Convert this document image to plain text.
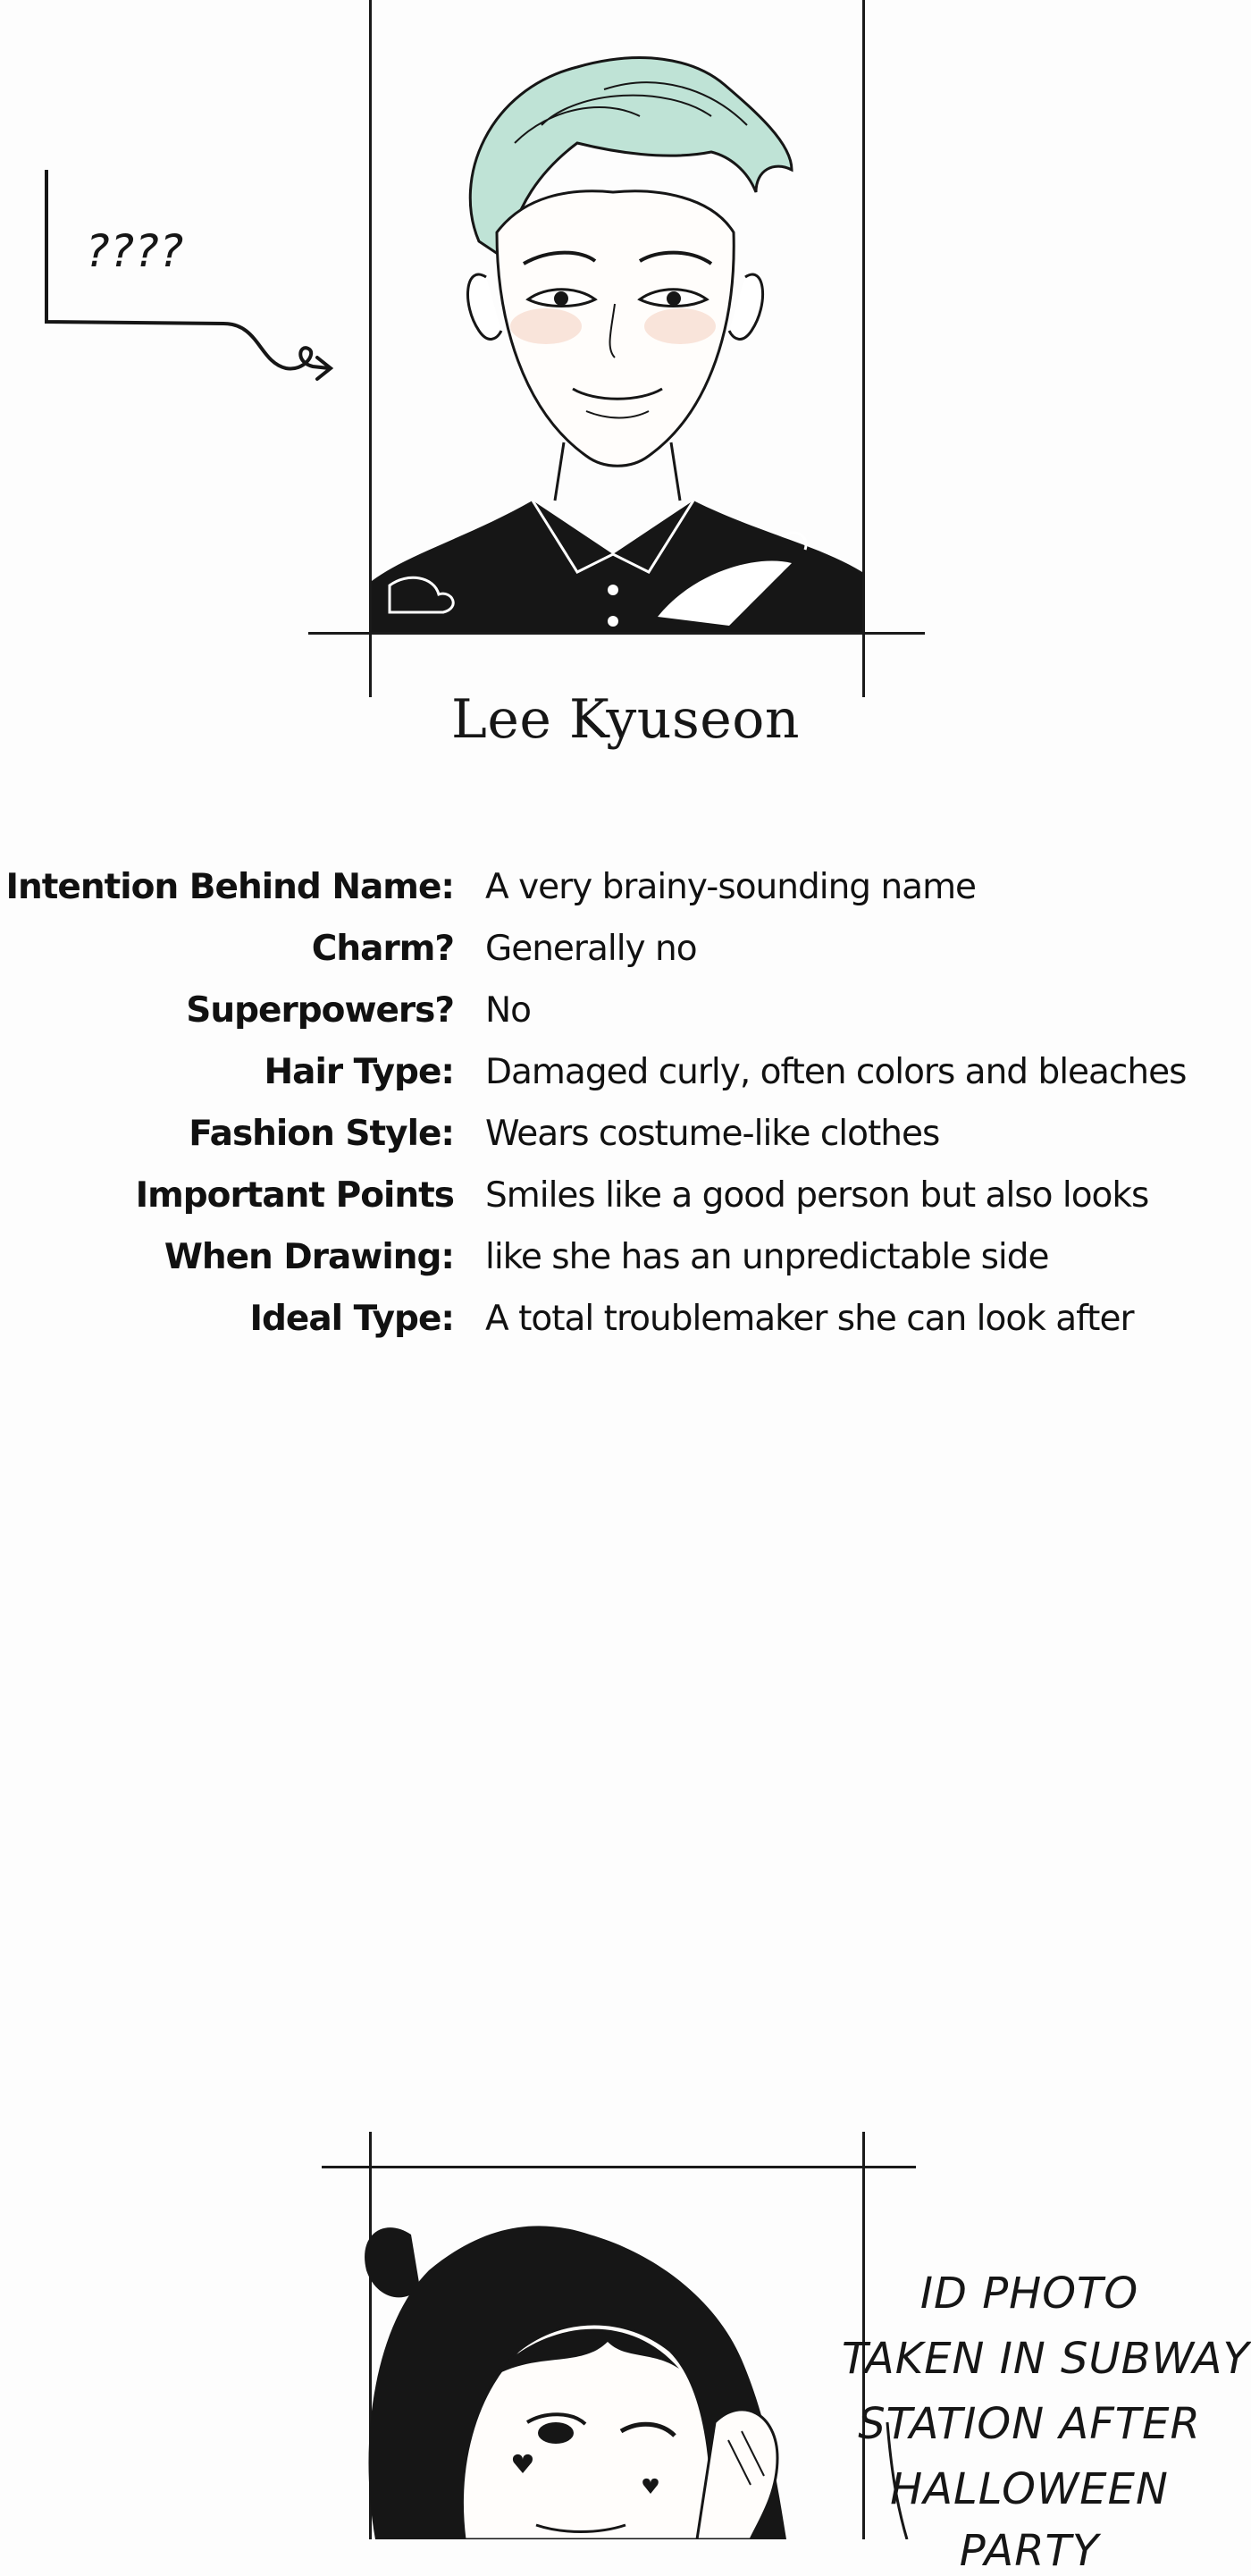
????
Lee Kyuseon
Intention Behind Name: A very brainy-sounding name
Charm? Generally no
Superpowers? No
Hair Type: Damaged curly, often colors and bleaches
Fashion Style: Wears costume-like clothes
Important Points Smiles like a good person but also looks
When Drawing: like she has an unpredictable side
Ideal Type: A total troublemaker she can look after
ID PHOTO
TAKEN IN SUBWAY
STATION AFTER
HALLOWEEN
PARTY
